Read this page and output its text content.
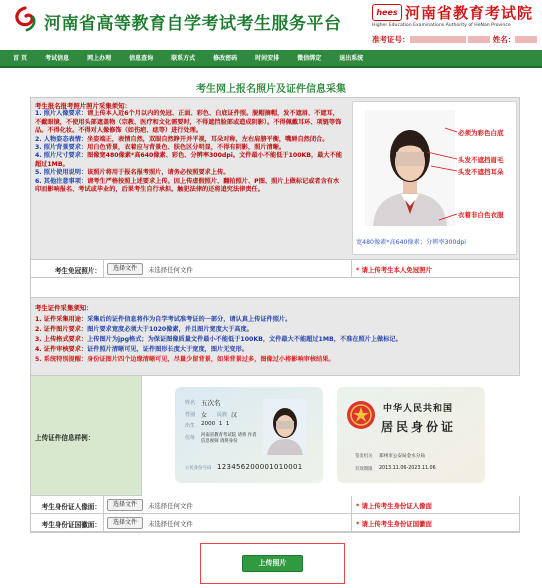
河南省高等教育自学考试考生服务平台
hees 河南省教育考试院
Higher Education Examinations Authority of HeNan Province
准考证号：	姓名：
首 页	考试信息	网上办理	信息查询	联系方式	修改密码	时间安排	微信绑定	退出系统
考生网上报名照片及证件信息采集
考生报名报考照片照片采集须知：
1. 照片人像要求：请上传本人近6个月以内的免冠、正面、彩色、白底证件照。脱帽摘帽，发不遮眉、不遮耳，不戴眼镜，不使用头部遮盖物（宗教、医疗和文化需要时，不得遮挡脸部或造成阴影）。不得佩戴耳环、项链等饰品。不得化妆。不得对人像修饰（如伤疤、痣等）进行处理。
2. 人物姿态表情：坐姿端正，表情自然，双眼自然睁开并平视，耳朵对称，左右肩膀平衡，嘴唇自然闭合。
3. 照片背景要求：用白色背景，衣着应与背景色、肤色区分明显，不得有阴影，照片清晰。
4. 照片尺寸要求：图像宽480像素*高640像素、彩色、分辨率300dpi。文件最小不能低于100KB，最大不能超过1MB。
5. 照片使用说明：该照片将用于报名报考照片，请务必按照要求上传。
6. 其他注意事项：请考生严格按照上述要求上传。因上传虚假照片、翻拍照片、P图、照片上做标记或者含有水印而影响报名、考试或毕业的，后果考生自行承担。触犯法律的还将追究法律责任。
必须为彩色白底
头发不遮挡眉毛
头发不遮挡耳朵
衣着非白色衣服
宽480像素*高640像素；分辨率300dpi
考生免冠照片：	选择文件	未选择任何文件	* 请上传考生本人免冠照片
考生证件采集须知：
1. 证件采集用途：采集后的证件信息将作为自学考试准考证的一部分，请认真上传证件照片。
2. 证件图片要求：图片要求宽度必须大于1020像素，并且图片宽度大于高度。
3. 上传格式要求：上传图片为jpg格式；为保证图像质量文件最小不能低于100KB，文件最大不能超过1MB，不准在照片上做标记。
4. 证件审核要求：证件照片清晰可见，证件图形长度大于宽度，图片无变形。
5. 系统特别提醒：身份证图片四个边缘清晰可见，尽量少留背景，如果背景过多，图像过小将影响审核结果。
上传证件信息样例：
姓名 五次名
性别 女 民族 汉
出生 2000  1  1
住址 河南省教育考试院 请将 作者信息视频 请将身份
公民身份号码 123456200001010001
中华人民共和国
居民身份证
签发机关 郑州市公安局金水分局
有效期限 2013.11.06-2023.11.06
考生身份证人像面：	选择文件	未选择任何文件	* 请上传考生身份证人像面
考生身份证国徽面：	选择文件	未选择任何文件	* 请上传考生身份证国徽面
上传照片
